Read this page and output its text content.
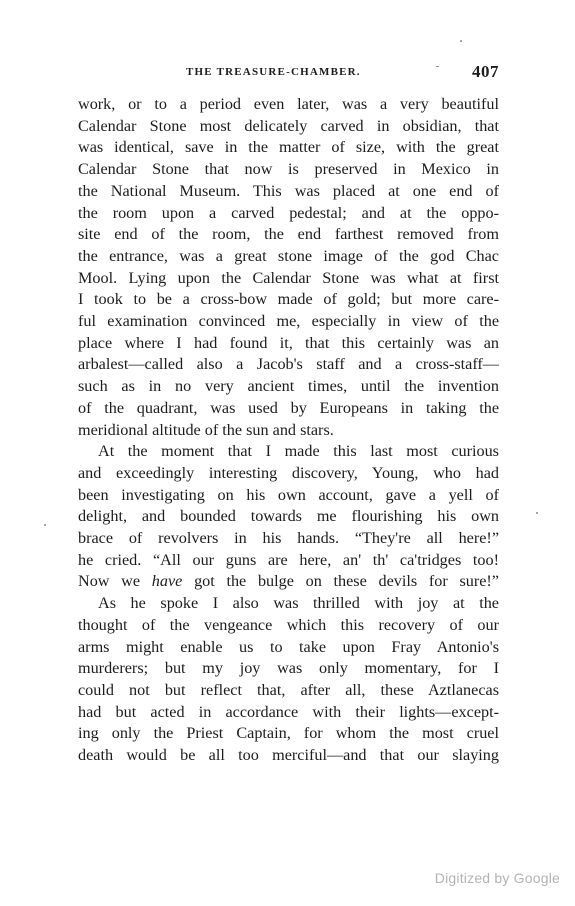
THE TREASURE-CHAMBER.	407
work, or to a period even later, was a very beautiful
Calendar Stone most delicately carved in obsidian, that
was identical, save in the matter of size, with the great
Calendar Stone that now is preserved in Mexico in
the National Museum. This was placed at one end of
the room upon a carved pedestal; and at the oppo-
site end of the room, the end farthest removed from
the entrance, was a great stone image of the god Chac
Mool. Lying upon the Calendar Stone was what at first
I took to be a cross-bow made of gold; but more care-
ful examination convinced me, especially in view of the
place where I had found it, that this certainly was an
arbalest—called also a Jacob's staff and a cross-staff—
such as in no very ancient times, until the invention
of the quadrant, was used by Europeans in taking the
meridional altitude of the sun and stars.
At the moment that I made this last most curious
and exceedingly interesting discovery, Young, who had
been investigating on his own account, gave a yell of
delight, and bounded towards me flourishing his own
brace of revolvers in his hands. “They're all here!”
he cried. “All our guns are here, an' th' ca'tridges too!
Now we have got the bulge on these devils for sure!”
As he spoke I also was thrilled with joy at the
thought of the vengeance which this recovery of our
arms might enable us to take upon Fray Antonio's
murderers; but my joy was only momentary, for I
could not but reflect that, after all, these Aztlanecas
had but acted in accordance with their lights—except-
ing only the Priest Captain, for whom the most cruel
death would be all too merciful—and that our slaying
Digitized by Google
